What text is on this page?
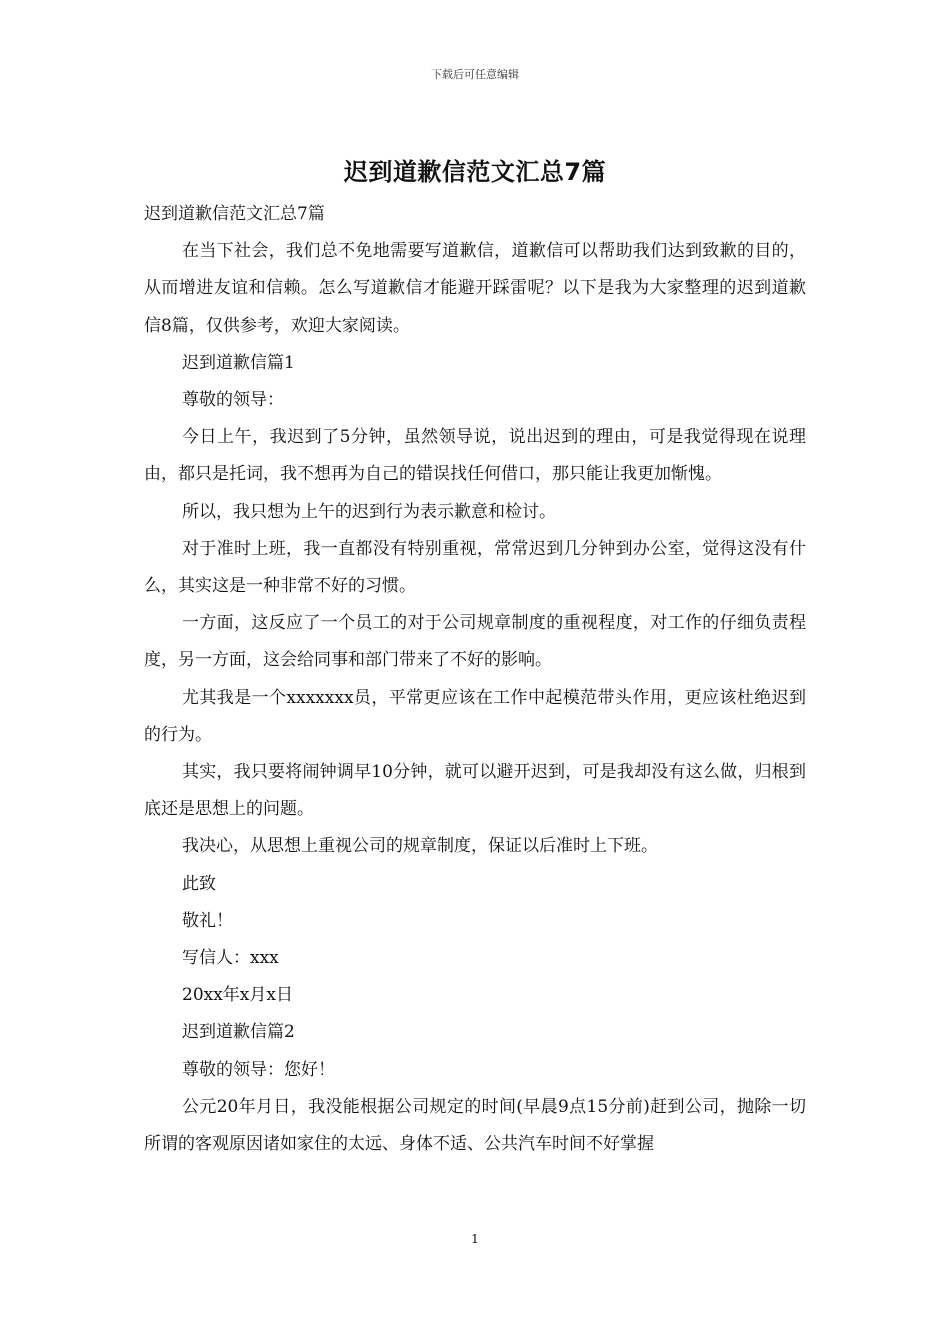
下载后可任意编辑
迟到道歉信范文汇总7篇

迟到道歉信范文汇总7篇

在当下社会，我们总不免地需要写道歉信，道歉信可以帮助我们达到致歉的目的，从而增进友谊和信赖。怎么写道歉信才能避开踩雷呢？以下是我为大家整理的迟到道歉信8篇，仅供参考，欢迎大家阅读。

迟到道歉信篇1

尊敬的领导：

今日上午，我迟到了5分钟，虽然领导说，说出迟到的理由，可是我觉得现在说理由，都只是托词，我不想再为自己的错误找任何借口，那只能让我更加惭愧。

所以，我只想为上午的迟到行为表示歉意和检讨。

对于准时上班，我一直都没有特别重视，常常迟到几分钟到办公室，觉得这没有什么，其实这是一种非常不好的习惯。

一方面，这反应了一个员工的对于公司规章制度的重视程度，对工作的仔细负责程度，另一方面，这会给同事和部门带来了不好的影响。

尤其我是一个xxxxxxx员，平常更应该在工作中起模范带头作用，更应该杜绝迟到的行为。

其实，我只要将闹钟调早10分钟，就可以避开迟到，可是我却没有这么做，归根到底还是思想上的问题。

我决心，从思想上重视公司的规章制度，保证以后准时上下班。

此致

敬礼！

写信人：xxx

20xx年x月x日

迟到道歉信篇2

尊敬的领导：您好！

公元20年月日，我没能根据公司规定的时间(早晨9点15分前)赶到公司，抛除一切所谓的客观原因诸如家住的太远、身体不适、公共汽车时间不好掌握

1
